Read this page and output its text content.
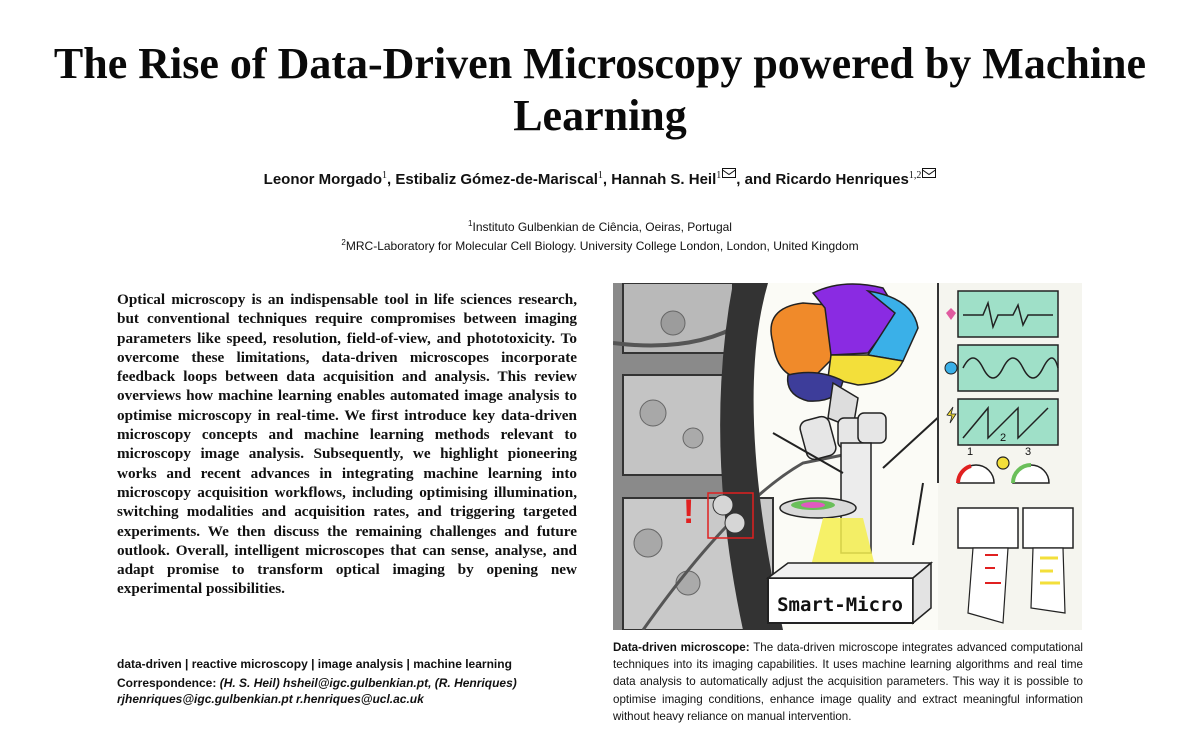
The Rise of Data-Driven Microscopy powered by Machine Learning
Leonor Morgado$^1$, Estibaliz Gómez-de-Mariscal$^1$, Hannah S. Heil$^1$ , and Ricardo Henriques$^{1,2}$
$^1$Instituto Gulbenkian de Ciência, Oeiras, Portugal
$^2$MRC-Laboratory for Molecular Cell Biology. University College London, London, United Kingdom
Optical microscopy is an indispensable tool in life sciences research, but conventional techniques require compromises between imaging parameters like speed, resolution, field-of-view, and phototoxicity. To overcome these limitations, data-driven microscopes incorporate feedback loops between data acquisition and analysis. This review overviews how machine learning enables automated image analysis to optimise microscopy in real-time. We first introduce key data-driven microscopy concepts and machine learning methods relevant to microscopy image analysis. Subsequently, we highlight pioneering works and recent advances in integrating machine learning into microscopy acquisition workflows, including optimising illumination, switching modalities and acquisition rates, and triggering targeted experiments. We then discuss the remaining challenges and future outlook. Overall, intelligent microscopes that can sense, analyse, and adapt promise to transform optical imaging by opening new experimental possibilities.
data-driven | reactive microscopy | image analysis | machine learning
Correspondence: (H. S. Heil) hsheil@igc.gulbenkian.pt, (R. Henriques) rjhenriques@igc.gulbenkian.pt r.henriques@ucl.ac.uk
!
Smart-Micro
1
2
3
Data-driven microscope: The data-driven microscope integrates advanced computational techniques into its imaging capabilities. It uses machine learning algorithms and real time data analysis to automatically adjust the acquisition parameters. This way it is possible to optimise imaging conditions, enhance image quality and extract meaningful information without heavy reliance on manual intervention.
